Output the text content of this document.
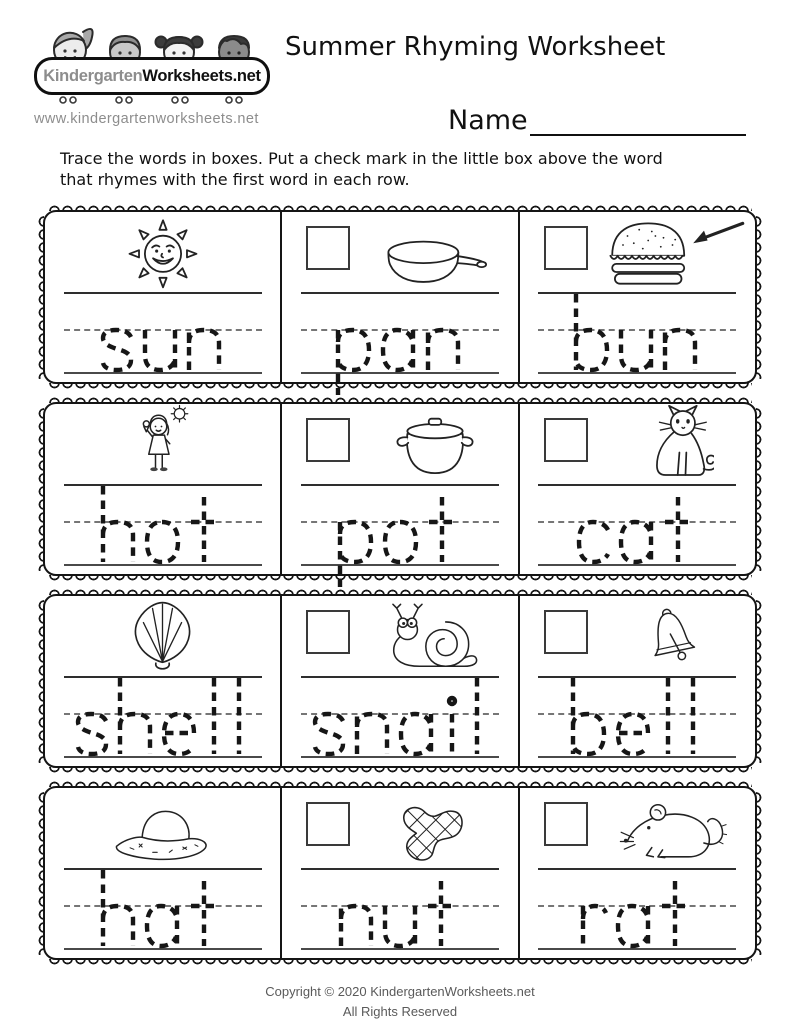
KindergartenWorksheets.net
www.kindergartenworksheets.net
Summer Rhyming Worksheet
Name
Trace the words in boxes. Put a check mark in the little box above the word
that rhymes with the first word in each row.
Copyright © 2020 KindergartenWorksheets.net
All Rights Reserved
